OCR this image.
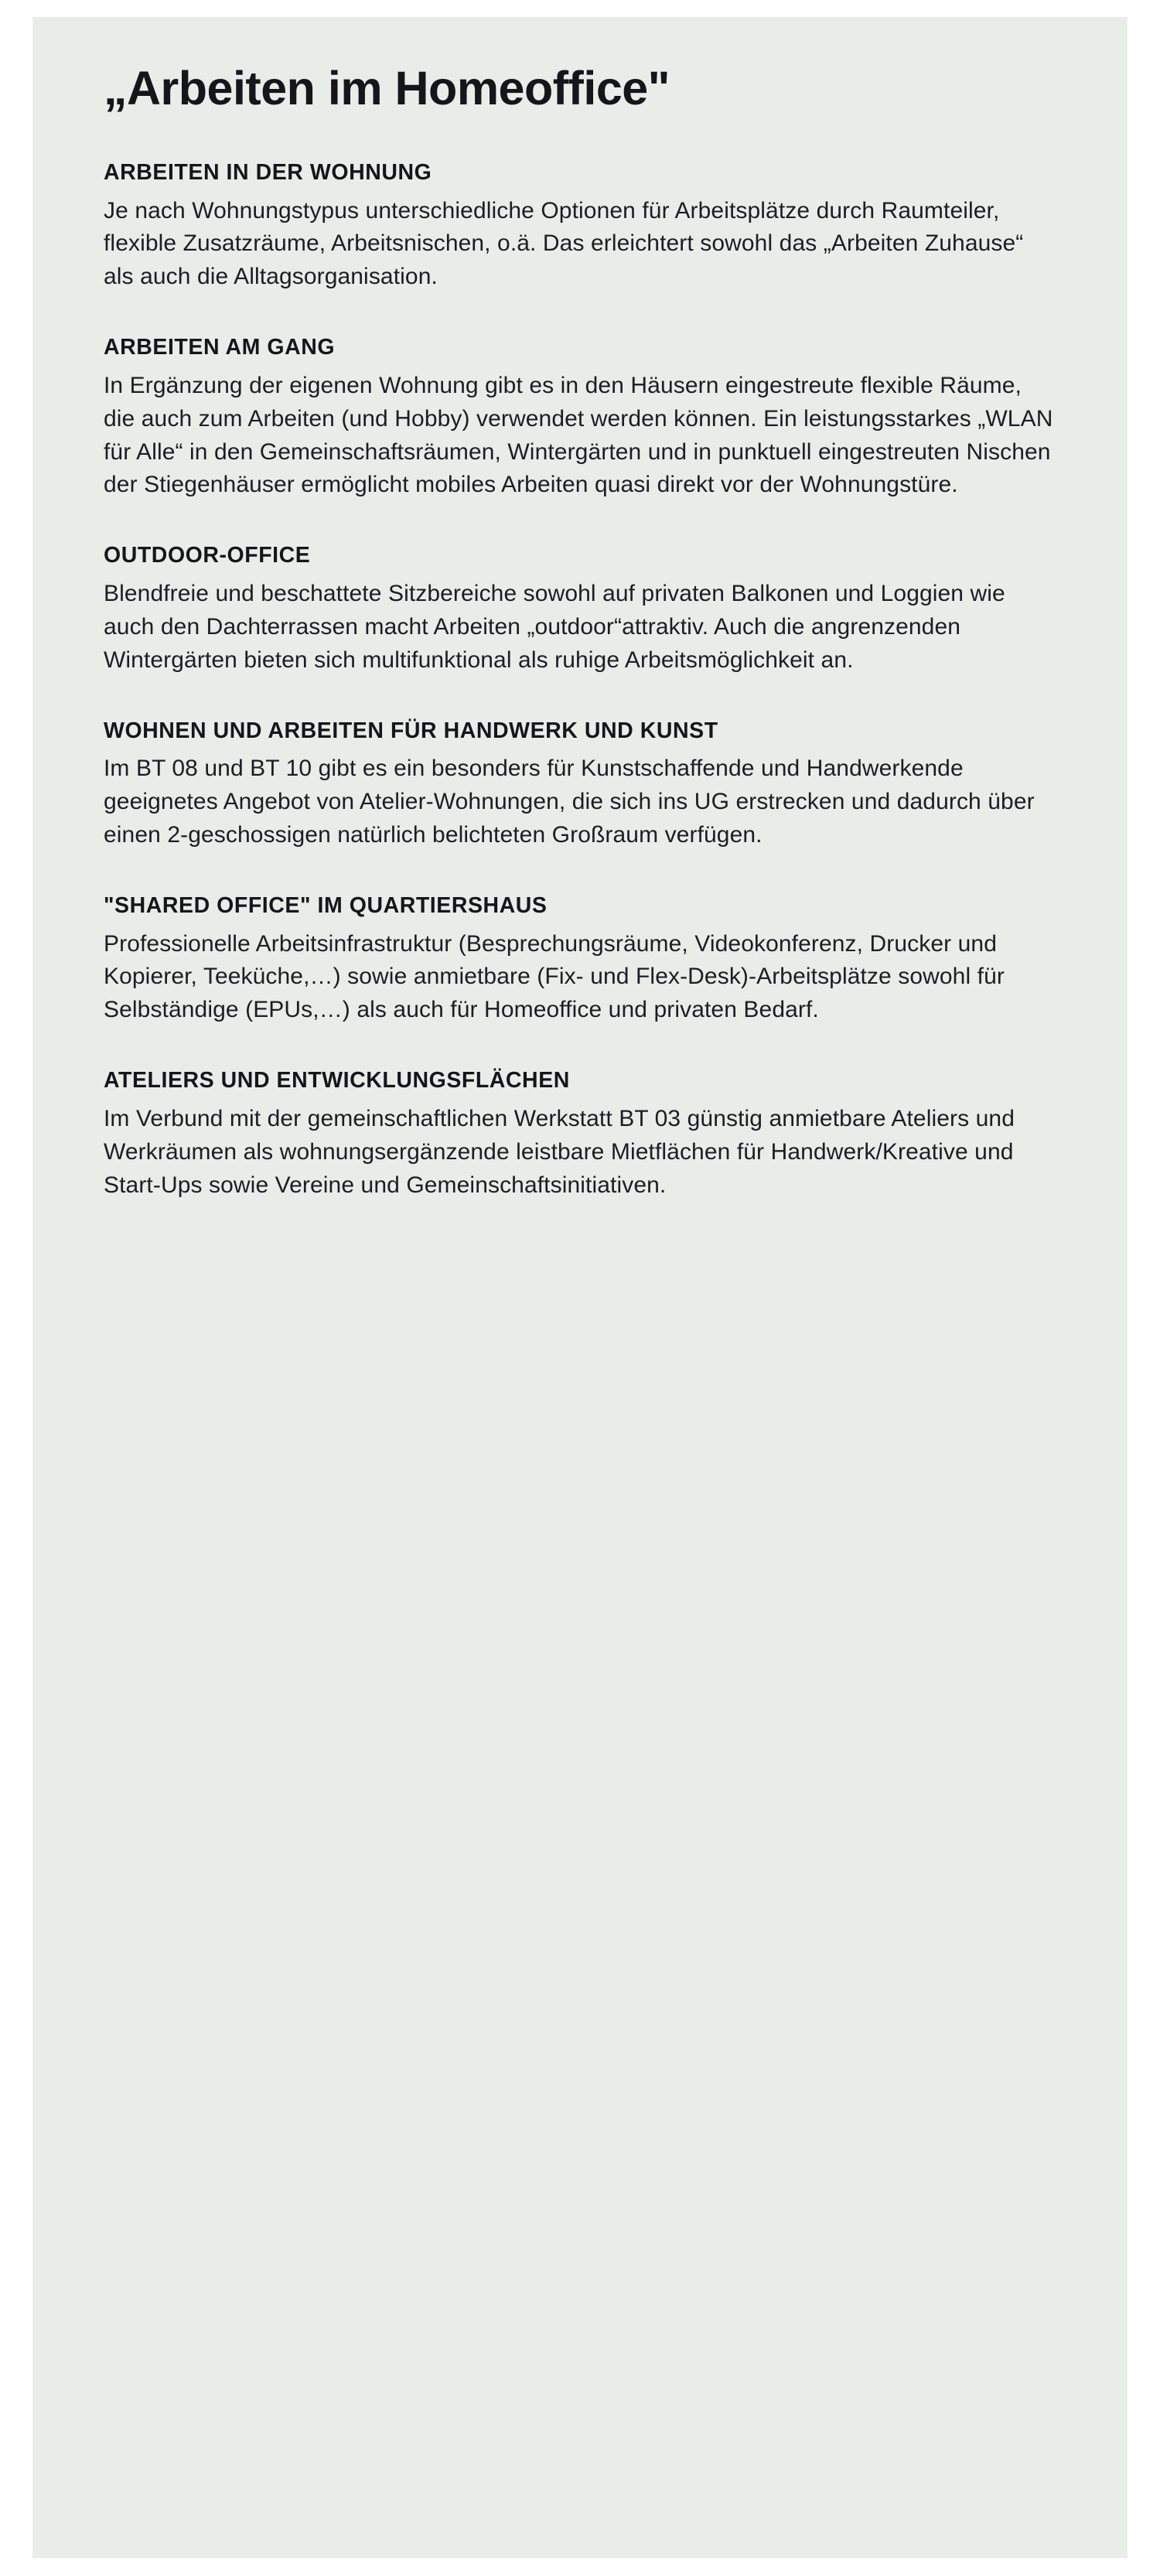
„Arbeiten im Homeoffice"
ARBEITEN IN DER WOHNUNG

Je nach Wohnungstypus unterschiedliche Optionen für Arbeitsplätze durch Raumteiler, flexible Zusatzräume, Arbeitsnischen, o.ä. Das erleichtert sowohl das „Arbeiten Zuhause“ als auch die Alltagsorganisation.

ARBEITEN AM GANG

In Ergänzung der eigenen Wohnung gibt es in den Häusern eingestreute flexible Räume, die auch zum Arbeiten (und Hobby) verwendet werden können. Ein leistungsstarkes „WLAN für Alle“ in den Gemeinschaftsräumen, Wintergärten und in punktuell eingestreuten Nischen der Stiegenhäuser ermöglicht mobiles Arbeiten quasi direkt vor der Wohnungstüre.

OUTDOOR-OFFICE

Blendfreie und beschattete Sitzbereiche sowohl auf privaten Balkonen und Loggien wie auch den Dachterrassen macht Arbeiten „outdoor“attraktiv. Auch die angrenzenden Wintergärten bieten sich multifunktional als ruhige Arbeitsmöglichkeit an.

WOHNEN UND ARBEITEN FÜR HANDWERK UND KUNST

Im BT 08 und BT 10 gibt es ein besonders für Kunstschaffende und Handwerkende geeignetes Angebot von Atelier-Wohnungen, die sich ins UG erstrecken und dadurch über einen 2-geschossigen natürlich belichteten Großraum verfügen.

"SHARED OFFICE" IM QUARTIERSHAUS

Professionelle Arbeitsinfrastruktur (Besprechungsräume, Videokonferenz, Drucker und Kopierer, Teeküche,…) sowie anmietbare (Fix- und Flex-Desk)-Arbeitsplätze sowohl für Selbständige (EPUs,…) als auch für Homeoffice und privaten Bedarf.

ATELIERS UND ENTWICKLUNGSFLÄCHEN

Im Verbund mit der gemeinschaftlichen Werkstatt BT 03 günstig anmietbare Ateliers und Werkräumen als wohnungsergänzende leistbare Mietflächen für Handwerk/Kreative und Start-Ups sowie Vereine und Gemeinschaftsinitiativen.
